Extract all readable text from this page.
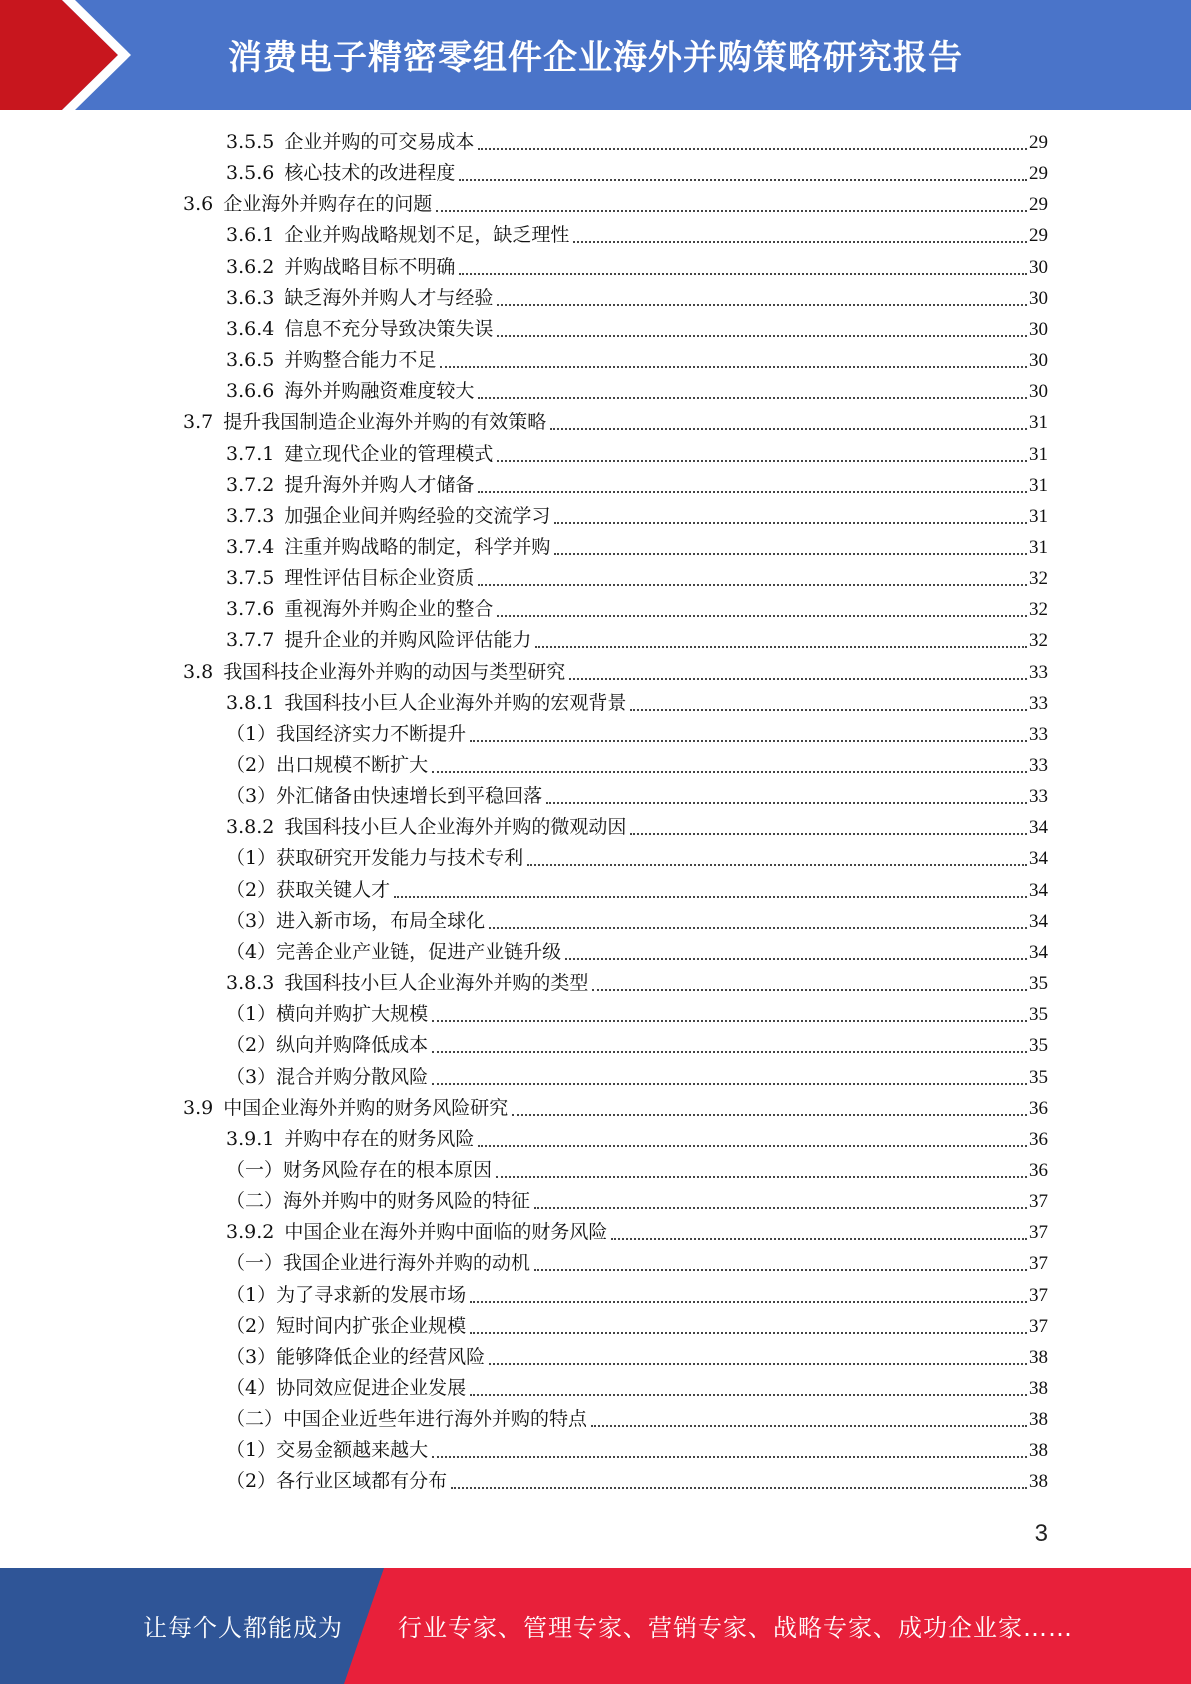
消费电子精密零组件企业海外并购策略研究报告
3.5.5 企业并购的可交易成本	29
3.5.6 核心技术的改进程度	29
3.6 企业海外并购存在的问题	29
3.6.1 企业并购战略规划不足，缺乏理性	29
3.6.2 并购战略目标不明确	30
3.6.3 缺乏海外并购人才与经验	30
3.6.4 信息不充分导致决策失误	30
3.6.5 并购整合能力不足	30
3.6.6 海外并购融资难度较大	30
3.7 提升我国制造企业海外并购的有效策略	31
3.7.1 建立现代企业的管理模式	31
3.7.2 提升海外并购人才储备	31
3.7.3 加强企业间并购经验的交流学习	31
3.7.4 注重并购战略的制定，科学并购	31
3.7.5 理性评估目标企业资质	32
3.7.6 重视海外并购企业的整合	32
3.7.7 提升企业的并购风险评估能力	32
3.8 我国科技企业海外并购的动因与类型研究	33
3.8.1 我国科技小巨人企业海外并购的宏观背景	33
（1） 我国经济实力不断提升	33
（2） 出口规模不断扩大	33
（3） 外汇储备由快速增长到平稳回落	33
3.8.2 我国科技小巨人企业海外并购的微观动因	34
（1） 获取研究开发能力与技术专利	34
（2） 获取关键人才	34
（3） 进入新市场，布局全球化	34
（4） 完善企业产业链，促进产业链升级	34
3.8.3 我国科技小巨人企业海外并购的类型	35
（1） 横向并购扩大规模	35
（2） 纵向并购降低成本	35
（3） 混合并购分散风险	35
3.9 中国企业海外并购的财务风险研究	36
3.9.1 并购中存在的财务风险	36
（一） 财务风险存在的根本原因	36
（二） 海外并购中的财务风险的特征	37
3.9.2 中国企业在海外并购中面临的财务风险	37
（一） 我国企业进行海外并购的动机	37
（1） 为了寻求新的发展市场	37
（2） 短时间内扩张企业规模	37
（3） 能够降低企业的经营风险	38
（4） 协同效应促进企业发展	38
（二） 中国企业近些年进行海外并购的特点	38
（1） 交易金额越来越大	38
（2） 各行业区域都有分布	38
3
让每个人都能成为 行业专家、管理专家、营销专家、战略专家、成功企业家……
